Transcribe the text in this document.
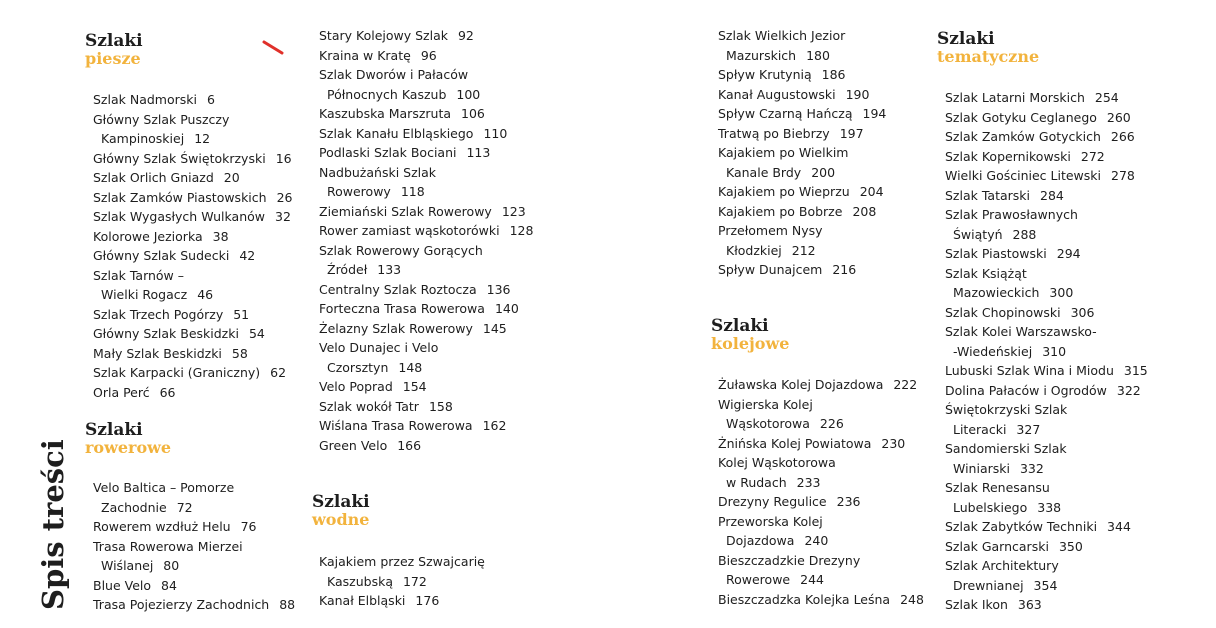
Spis treści
Szlaki
piesze
Szlak Nadmorski 6
Główny Szlak Puszczy
Kampinoskiej 12
Główny Szlak Świętokrzyski 16
Szlak Orlich Gniazd 20
Szlak Zamków Piastowskich 26
Szlak Wygasłych Wulkanów 32
Kolorowe Jeziorka 38
Główny Szlak Sudecki 42
Szlak Tarnów –
Wielki Rogacz 46
Szlak Trzech Pogórzy 51
Główny Szlak Beskidzki 54
Mały Szlak Beskidzki 58
Szlak Karpacki (Graniczny) 62
Orla Perć 66
Szlaki
rowerowe
Velo Baltica – Pomorze
Zachodnie 72
Rowerem wzdłuż Helu 76
Trasa Rowerowa Mierzei
Wiślanej 80
Blue Velo 84
Trasa Pojezierzy Zachodnich 88
Stary Kolejowy Szlak 92
Kraina w Kratę 96
Szlak Dworów i Pałaców
Północnych Kaszub 100
Kaszubska Marszruta 106
Szlak Kanału Elbląskiego 110
Podlaski Szlak Bociani 113
Nadbużański Szlak
Rowerowy 118
Ziemiański Szlak Rowerowy 123
Rower zamiast wąskotorówki 128
Szlak Rowerowy Gorących
Źródeł 133
Centralny Szlak Roztocza 136
Forteczna Trasa Rowerowa 140
Żelazny Szlak Rowerowy 145
Velo Dunajec i Velo
Czorsztyn 148
Velo Poprad 154
Szlak wokół Tatr 158
Wiślana Trasa Rowerowa 162
Green Velo 166
Szlaki
wodne
Kajakiem przez Szwajcarię
Kaszubską 172
Kanał Elbląski 176
Szlak Wielkich Jezior
Mazurskich 180
Spływ Krutynią 186
Kanał Augustowski 190
Spływ Czarną Hańczą 194
Tratwą po Biebrzy 197
Kajakiem po Wielkim
Kanale Brdy 200
Kajakiem po Wieprzu 204
Kajakiem po Bobrze 208
Przełomem Nysy
Kłodzkiej 212
Spływ Dunajcem 216
Szlaki
kolejowe
Żuławska Kolej Dojazdowa 222
Wigierska Kolej
Wąskotorowa 226
Żnińska Kolej Powiatowa 230
Kolej Wąskotorowa
w Rudach 233
Drezyny Regulice 236
Przeworska Kolej
Dojazdowa 240
Bieszczadzkie Drezyny
Rowerowe 244
Bieszczadzka Kolejka Leśna 248
Szlaki
tematyczne
Szlak Latarni Morskich 254
Szlak Gotyku Ceglanego 260
Szlak Zamków Gotyckich 266
Szlak Kopernikowski 272
Wielki Gościniec Litewski 278
Szlak Tatarski 284
Szlak Prawosławnych
Świątyń 288
Szlak Piastowski 294
Szlak Książąt
Mazowieckich 300
Szlak Chopinowski 306
Szlak Kolei Warszawsko-
-Wiedeńskiej 310
Lubuski Szlak Wina i Miodu 315
Dolina Pałaców i Ogrodów 322
Świętokrzyski Szlak
Literacki 327
Sandomierski Szlak
Winiarski 332
Szlak Renesansu
Lubelskiego 338
Szlak Zabytków Techniki 344
Szlak Garncarski 350
Szlak Architektury
Drewnianej 354
Szlak Ikon 363
